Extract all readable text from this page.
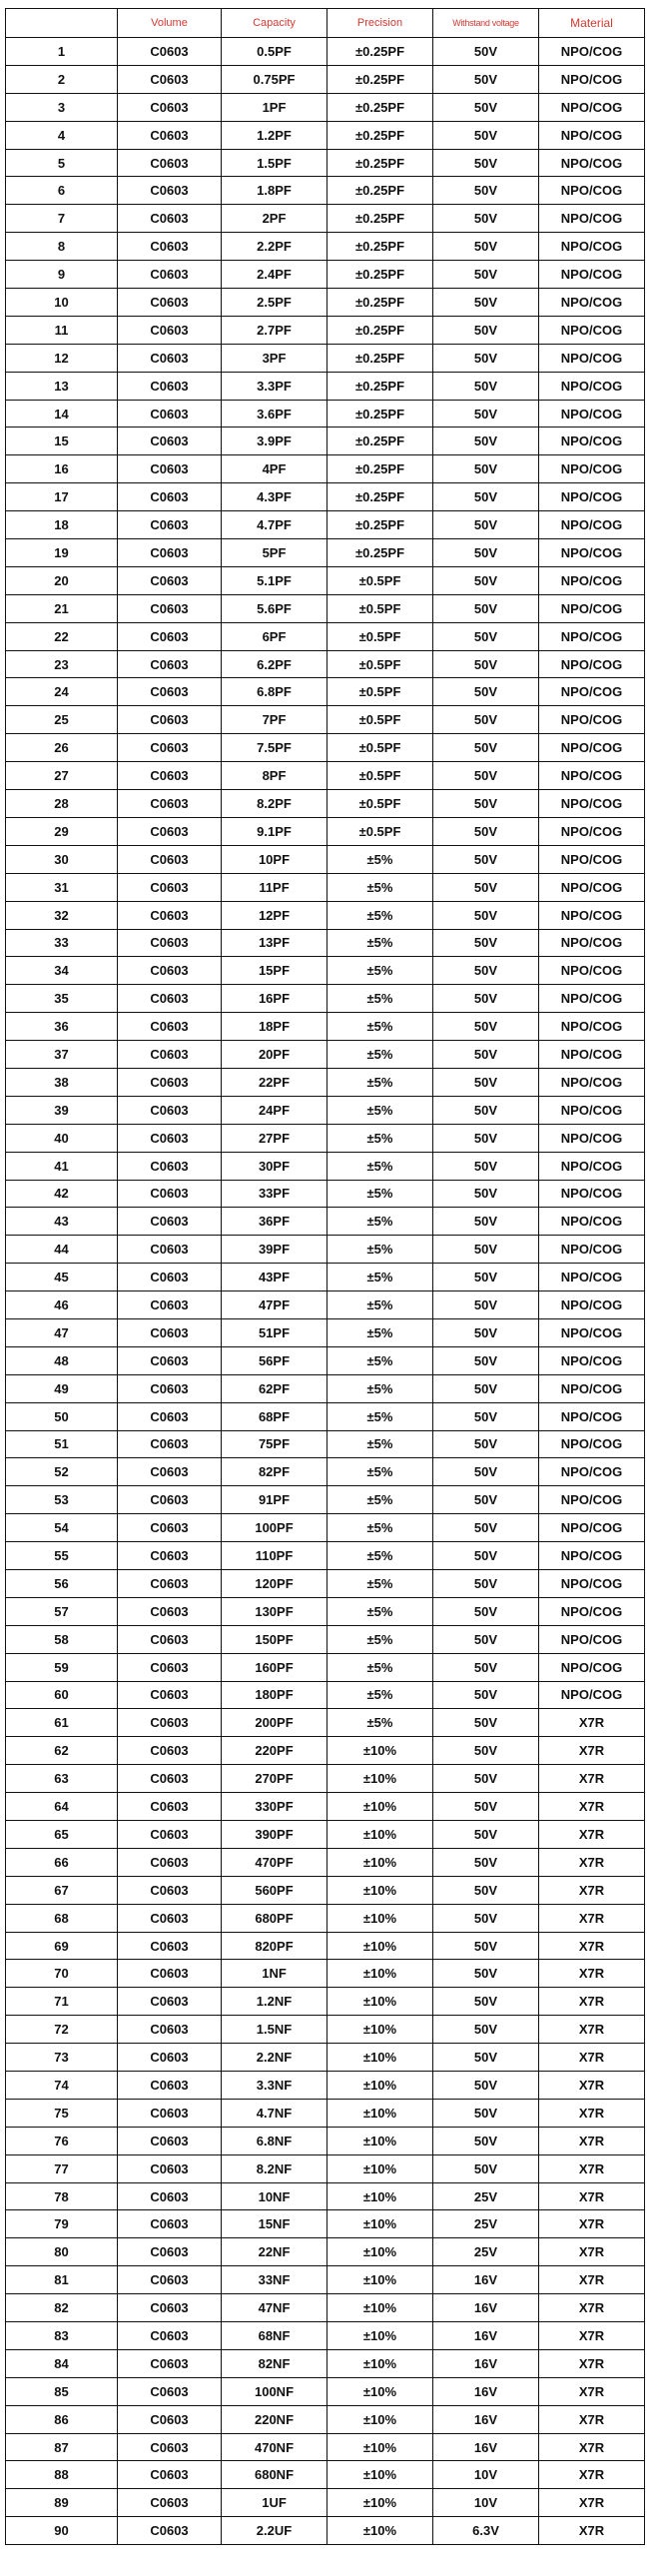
	Volume	Capacity	Precision	Withstand voltage	Material
1	C0603	0.5PF	±0.25PF	50V	NPO/COG
2	C0603	0.75PF	±0.25PF	50V	NPO/COG
3	C0603	1PF	±0.25PF	50V	NPO/COG
4	C0603	1.2PF	±0.25PF	50V	NPO/COG
5	C0603	1.5PF	±0.25PF	50V	NPO/COG
6	C0603	1.8PF	±0.25PF	50V	NPO/COG
7	C0603	2PF	±0.25PF	50V	NPO/COG
8	C0603	2.2PF	±0.25PF	50V	NPO/COG
9	C0603	2.4PF	±0.25PF	50V	NPO/COG
10	C0603	2.5PF	±0.25PF	50V	NPO/COG
11	C0603	2.7PF	±0.25PF	50V	NPO/COG
12	C0603	3PF	±0.25PF	50V	NPO/COG
13	C0603	3.3PF	±0.25PF	50V	NPO/COG
14	C0603	3.6PF	±0.25PF	50V	NPO/COG
15	C0603	3.9PF	±0.25PF	50V	NPO/COG
16	C0603	4PF	±0.25PF	50V	NPO/COG
17	C0603	4.3PF	±0.25PF	50V	NPO/COG
18	C0603	4.7PF	±0.25PF	50V	NPO/COG
19	C0603	5PF	±0.25PF	50V	NPO/COG
20	C0603	5.1PF	±0.5PF	50V	NPO/COG
21	C0603	5.6PF	±0.5PF	50V	NPO/COG
22	C0603	6PF	±0.5PF	50V	NPO/COG
23	C0603	6.2PF	±0.5PF	50V	NPO/COG
24	C0603	6.8PF	±0.5PF	50V	NPO/COG
25	C0603	7PF	±0.5PF	50V	NPO/COG
26	C0603	7.5PF	±0.5PF	50V	NPO/COG
27	C0603	8PF	±0.5PF	50V	NPO/COG
28	C0603	8.2PF	±0.5PF	50V	NPO/COG
29	C0603	9.1PF	±0.5PF	50V	NPO/COG
30	C0603	10PF	±5%	50V	NPO/COG
31	C0603	11PF	±5%	50V	NPO/COG
32	C0603	12PF	±5%	50V	NPO/COG
33	C0603	13PF	±5%	50V	NPO/COG
34	C0603	15PF	±5%	50V	NPO/COG
35	C0603	16PF	±5%	50V	NPO/COG
36	C0603	18PF	±5%	50V	NPO/COG
37	C0603	20PF	±5%	50V	NPO/COG
38	C0603	22PF	±5%	50V	NPO/COG
39	C0603	24PF	±5%	50V	NPO/COG
40	C0603	27PF	±5%	50V	NPO/COG
41	C0603	30PF	±5%	50V	NPO/COG
42	C0603	33PF	±5%	50V	NPO/COG
43	C0603	36PF	±5%	50V	NPO/COG
44	C0603	39PF	±5%	50V	NPO/COG
45	C0603	43PF	±5%	50V	NPO/COG
46	C0603	47PF	±5%	50V	NPO/COG
47	C0603	51PF	±5%	50V	NPO/COG
48	C0603	56PF	±5%	50V	NPO/COG
49	C0603	62PF	±5%	50V	NPO/COG
50	C0603	68PF	±5%	50V	NPO/COG
51	C0603	75PF	±5%	50V	NPO/COG
52	C0603	82PF	±5%	50V	NPO/COG
53	C0603	91PF	±5%	50V	NPO/COG
54	C0603	100PF	±5%	50V	NPO/COG
55	C0603	110PF	±5%	50V	NPO/COG
56	C0603	120PF	±5%	50V	NPO/COG
57	C0603	130PF	±5%	50V	NPO/COG
58	C0603	150PF	±5%	50V	NPO/COG
59	C0603	160PF	±5%	50V	NPO/COG
60	C0603	180PF	±5%	50V	NPO/COG
61	C0603	200PF	±5%	50V	X7R
62	C0603	220PF	±10%	50V	X7R
63	C0603	270PF	±10%	50V	X7R
64	C0603	330PF	±10%	50V	X7R
65	C0603	390PF	±10%	50V	X7R
66	C0603	470PF	±10%	50V	X7R
67	C0603	560PF	±10%	50V	X7R
68	C0603	680PF	±10%	50V	X7R
69	C0603	820PF	±10%	50V	X7R
70	C0603	1NF	±10%	50V	X7R
71	C0603	1.2NF	±10%	50V	X7R
72	C0603	1.5NF	±10%	50V	X7R
73	C0603	2.2NF	±10%	50V	X7R
74	C0603	3.3NF	±10%	50V	X7R
75	C0603	4.7NF	±10%	50V	X7R
76	C0603	6.8NF	±10%	50V	X7R
77	C0603	8.2NF	±10%	50V	X7R
78	C0603	10NF	±10%	25V	X7R
79	C0603	15NF	±10%	25V	X7R
80	C0603	22NF	±10%	25V	X7R
81	C0603	33NF	±10%	16V	X7R
82	C0603	47NF	±10%	16V	X7R
83	C0603	68NF	±10%	16V	X7R
84	C0603	82NF	±10%	16V	X7R
85	C0603	100NF	±10%	16V	X7R
86	C0603	220NF	±10%	16V	X7R
87	C0603	470NF	±10%	16V	X7R
88	C0603	680NF	±10%	10V	X7R
89	C0603	1UF	±10%	10V	X7R
90	C0603	2.2UF	±10%	6.3V	X7R
